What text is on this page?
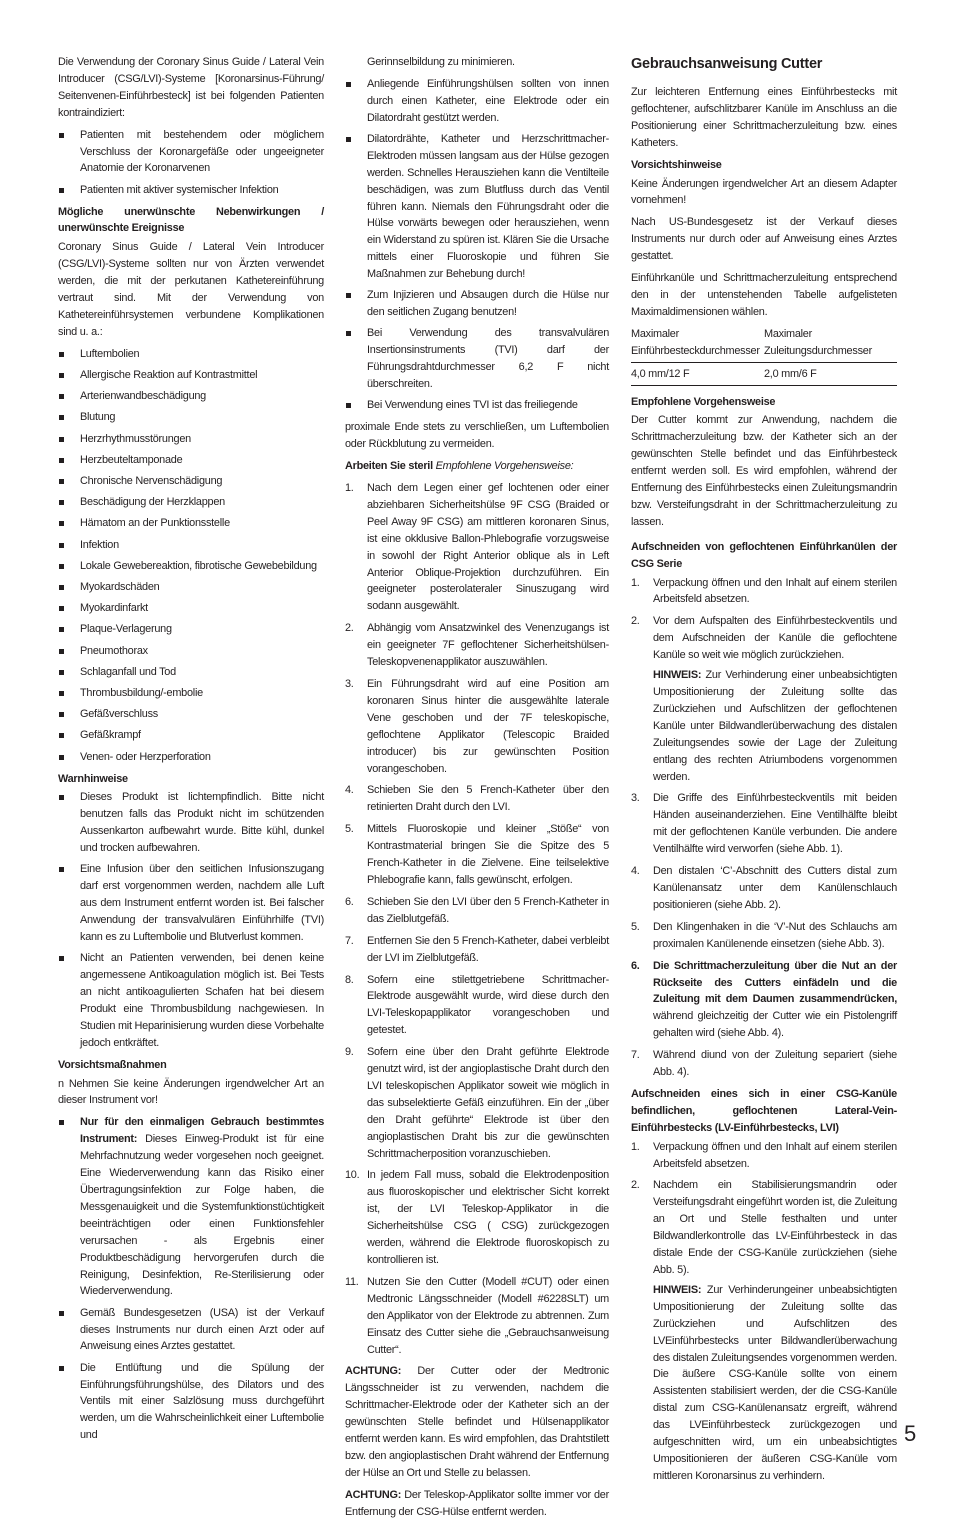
Die Verwendung der Coronary Sinus Guide / Lateral Vein Introducer (CSG/LVI)-Systeme [Koronarsinus-Führung/ Seitenvenen-Einführbesteck] ist bei folgenden Patienten kontraindiziert:

Patienten mit bestehendem oder möglichem Verschluss der Koronargefäße oder ungeeigneter Anatomie der Koronarvenen
Patienten mit aktiver systemischer Infektion

Mögliche unerwünschte Nebenwirkungen / unerwünschte Ereignisse

Coronary Sinus Guide / Lateral Vein Introducer (CSG/LVI)-Systeme sollten nur von Ärzten verwendet werden, die mit der perkutanen Kathetereinführung vertraut sind. Mit der Verwendung von Kathetereinführsystemen verbundene Komplikationen sind u. a.:

Luftembolien
Allergische Reaktion auf Kontrastmittel
Arterienwandbeschädigung
Blutung
Herzrhythmusstörungen
Herzbeuteltamponade
Chronische Nervenschädigung
Beschädigung der Herzklappen
Hämatom an der Punktionsstelle
Infektion
Lokale Gewebereaktion, fibrotische Gewebebildung
Myokardschäden
Myokardinfarkt
Plaque-Verlagerung
Pneumothorax
Schlaganfall und Tod
Thrombusbildung/-embolie
Gefäßverschluss
Gefäßkrampf
Venen- oder Herzperforation

Warnhinweise

Dieses Produkt ist lichtempfindlich. Bitte nicht benutzen falls das Produkt nicht im schützenden Aussenkarton aufbewahrt wurde. Bitte kühl, dunkel und trocken aufbewahren.
Eine Infusion über den seitlichen Infusionszugang darf erst vorgenommen werden, nachdem alle Luft aus dem Instrument entfernt worden ist. Bei falscher Anwendung der transvalvulären Einführhilfe (TVI) kann es zu Luftembolie und Blutverlust kommen.
Nicht an Patienten verwenden, bei denen keine angemessene Antikoagulation möglich ist. Bei Tests an nicht antikoagulierten Schafen hat bei diesem Produkt eine Thrombusbildung nachgewiesen. In Studien mit Heparinisierung wurden diese Vorbehalte jedoch entkräftet.

Vorsichtsmaßnahmen

n Nehmen Sie keine Änderungen irgendwelcher Art an dieser Instrument vor!

Nur für den einmaligen Gebrauch bestimmtes Instrument: Dieses Einweg-Produkt ist für eine Mehrfachnutzung weder vorgesehen noch geeignet. Eine Wiederverwendung kann das Risiko einer Übertragungsinfektion zur Folge haben, die Messgenauigkeit und die Systemfunktionstüchtigkeit beeinträchtigen oder einen Funktionsfehler verursachen - als Ergebnis einer Produktbeschädigung hervorgerufen durch die Reinigung, Desinfektion, Re-Sterilisierung oder Wiederverwendung.
Gemäß Bundesgesetzen (USA) ist der Verkauf dieses Instruments nur durch einen Arzt oder auf Anweisung eines Arztes gestattet.
Die Entlüftung und die Spülung der Einführungsführungshülse, des Dilators und des Ventils mit einer Salzlösung muss durchgeführt werden, um die Wahrscheinlichkeit einer Luftembolie und

Gerinnselbildung zu minimieren.

Anliegende Einführungshülsen sollten von innen durch einen Katheter, eine Elektrode oder ein Dilatordraht gestützt werden.
Dilatordrähte, Katheter und Herzschrittmacher-Elektroden müssen langsam aus der Hülse gezogen werden. Schnelles Herausziehen kann die Ventilteile beschädigen, was zum Blutfluss durch das Ventil führen kann. Niemals den Führungsdraht oder die Hülse vorwärts bewegen oder herausziehen, wenn ein Widerstand zu spüren ist. Klären Sie die Ursache mittels einer Fluoroskopie und führen Sie Maßnahmen zur Behebung durch!
Zum Injizieren und Absaugen durch die Hülse nur den seitlichen Zugang benutzen!
Bei Verwendung des transvalvulären Insertionsinstruments (TVI) darf der Führungsdrahtdurchmesser 6,2 F nicht überschreiten.
Bei Verwendung eines TVI ist das freiliegende

proximale Ende stets zu verschließen, um Luftembolien oder Rückblutung zu vermeiden.

Arbeiten Sie steril Empfohlene Vorgehensweise:

1. Nach dem Legen einer gef lochtenen oder einer abziehbaren Sicherheitshülse 9F CSG (Braided or Peel Away 9F CSG) am mittleren koronaren Sinus, ist eine okklusive Ballon-Phlebografie vorzugsweise in sowohl der Right Anterior oblique als in Left Anterior Oblique-Projektion durchzuführen. Ein geeigneter posterolateraler Sinuszugang wird sodann ausgewählt.
2. Abhängig vom Ansatzwinkel des Venenzugangs ist ein geeigneter 7F geflochtener Sicherheitshülsen-Teleskopvenenapplikator auszuwählen.
3. Ein Führungsdraht wird auf eine Position am koronaren Sinus hinter die ausgewählte laterale Vene geschoben und der 7F teleskopische, geflochtene Applikator (Telescopic Braided introducer) bis zur gewünschten Position vorangeschoben.
4. Schieben Sie den 5 French-Katheter über den retinierten Draht durch den LVI.
5. Mittels Fluoroskopie und kleiner „Stöße“ von Kontrastmaterial bringen Sie die Spitze des 5 French-Katheter in die Zielvene. Eine teilselektive Phlebografie kann, falls gewünscht, erfolgen.
6. Schieben Sie den LVI über den 5 French-Katheter in das Zielblutgefäß.
7. Entfernen Sie den 5 French-Katheter, dabei verbleibt der LVI im Zielblutgefäß.
8. Sofern eine stilettgetriebene Schrittmacher- Elektrode ausgewählt wurde, wird diese durch den LVI-Teleskopapplikator vorangeschoben und getestet.
9. Sofern eine über den Draht geführte Elektrode genutzt wird, ist der angioplastische Draht durch den LVI teleskopischen Applikator soweit wie möglich in das subselektierte Gefäß einzuführen. Ein der „über den Draht geführte“ Elektrode ist über den angioplastischen Draht bis zur die gewünschten Schrittmacherposition voranzuschieben.
10. In jedem Fall muss, sobald die Elektrodenposition aus fluoroskopischer und elektrischer Sicht korrekt ist, der LVI Teleskop-Applikator in die Sicherheitshülse CSG ( CSG) zurückgezogen werden, während die Elektrode fluoroskopisch zu kontrollieren ist.
11. Nutzen Sie den Cutter (Modell #CUT) oder einen Medtronic Längsschneider (Modell #6228SLT) um den Applikator von der Elektrode zu abtrennen. Zum Einsatz des Cutter siehe die „Gebrauchsanweisung Cutter“.

ACHTUNG: Der Cutter oder der Medtronic Längsschneider ist zu verwenden, nachdem die Schrittmacher-Elektrode oder der Katheter sich an der gewünschten Stelle befindet und Hülsenapplikator entfernt werden kann. Es wird empfohlen, das Drahtstilett bzw. den angioplastischen Draht während der Entfernung der Hülse an Ort und Stelle zu belassen.

ACHTUNG: Der Teleskop-Applikator sollte immer vor der Entfernung der CSG-Hülse entfernt werden.

Gebrauchsanweisung Cutter

Zur leichteren Entfernung eines Einführbestecks mit geflochtener, aufschlitzbarer Kanüle im Anschluss an die Positionierung einer Schrittmacherzuleitung bzw. eines Katheters.

Vorsichtshinweise

Keine Änderungen irgendwelcher Art an diesem Adapter vornehmen!

Nach US-Bundesgesetz ist der Verkauf dieses Instruments nur durch oder auf Anweisung eines Arztes gestattet.

Einführkanüle und Schrittmacherzuleitung entsprechend den in der untenstehenden Tabelle aufgelisteten Maximaldimensionen wählen.

Maximaler
Einführbesteckdurchmesser	Maximaler
Zuleitungsdurchmesser
4,0 mm/12 F	2,0 mm/6 F

Empfohlene Vorgehensweise

Der Cutter kommt zur Anwendung, nachdem die Schrittmacherzuleitung bzw. der Katheter sich an der gewünschten Stelle befindet und das Einführbesteck entfernt werden soll. Es wird empfohlen, während der Entfernung des Einführbestecks einen Zuleitungsmandrin bzw. Versteifungsdraht in der Schrittmacherzuleitung zu lassen.

Aufschneiden von geflochtenen Einführkanülen der CSG Serie

1. Verpackung öffnen und den Inhalt auf einem sterilen Arbeitsfeld absetzen.
2. Vor dem Aufspalten des Einführbesteckventils und dem Aufschneiden der Kanüle die geflochtene Kanüle so weit wie möglich zurückziehen.

HINWEIS: Zur Verhinderung einer unbeabsichtigten Umpositionierung der Zuleitung sollte das Zurückziehen und Aufschlitzen der geflochtenen Kanüle unter Bildwandlerüberwachung des distalen Zuleitungsendes sowie der Lage der Zuleitung entlang des rechten Atriumbodens vorgenommen werden.

3. Die Griffe des Einführbesteckventils mit beiden Händen auseinanderziehen. Eine Ventilhälfte bleibt mit der geflochtenen Kanüle verbunden. Die andere Ventilhälfte wird verworfen (siehe Abb. 1).
4. Den distalen ‘C’-Abschnitt des Cutters distal zum Kanülenansatz unter dem Kanülenschlauch positionieren (siehe Abb. 2).
5. Den Klingenhaken in die ‘V’-Nut des Schlauchs am proximalen Kanülenende einsetzen (siehe Abb. 3).
6. Die Schrittmacherzuleitung über die Nut an der Rückseite des Cutters einfädeln und die Zuleitung mit dem Daumen zusammendrücken, während gleichzeitig der Cutter wie ein Pistolengriff gehalten wird (siehe Abb. 4).
7. Während diund von der Zuleitung separiert (siehe Abb. 4).

Aufschneiden eines sich in einer CSG-Kanüle befindlichen, geflochtenen Lateral-Vein-Einführbestecks (LV-Einführbestecks, LVI)

1. Verpackung öffnen und den Inhalt auf einem sterilen Arbeitsfeld absetzen.
2. Nachdem ein Stabilisierungsmandrin oder Versteifungsdraht eingeführt worden ist, die Zuleitung an Ort und Stelle festhalten und unter Bildwandlerkontrolle das LV-Einführbesteck in das distale Ende der CSG-Kanüle zurückziehen (siehe Abb. 5).

HINWEIS: Zur Verhinderungeiner unbeabsichtigten Umpositionierung der Zuleitung sollte das Zurückziehen und Aufschlitzen des LVEinführbestecks unter Bildwandlerüberwachung des distalen Zuleitungsendes vorgenommen werden. Die äußere CSG-Kanüle sollte von einem Assistenten stabilisiert werden, der die CSG-Kanüle distal zum CSG-Kanülenansatz ergreift, während das LVEinführbesteck zurückgezogen und aufgeschnitten wird, um ein unbeabsichtigtes Umpositionieren der äußeren CSG-Kanüle vom mittleren Koronarsinus zu verhindern.

5
